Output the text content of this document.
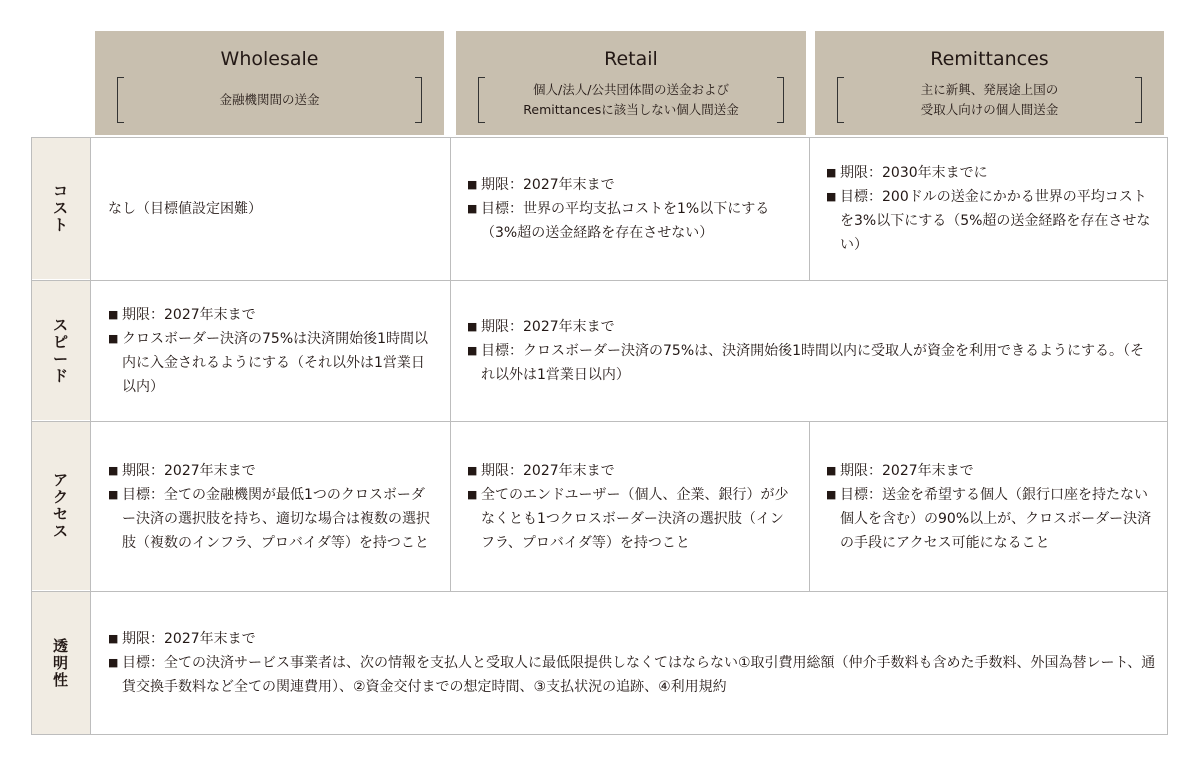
Wholesale
金融機関間の送金
Retail
個人/法人/公共団体間の送金および
Remittancesに該当しない個人間送金
Remittances
主に新興、発展途上国の
受取人向けの個人間送金
コスト
スピード
アクセス
透明性
なし（目標値設定困難）
■ 期限：2027年末まで
■ 目標：世界の平均支払コストを1%以下にする（3%超の送金経路を存在させない）
■ 期限：2030年末までに
■ 目標：200ドルの送金にかかる世界の平均コストを3%以下にする（5%超の送金経路を存在させない）
■ 期限：2027年末まで
■ クロスボーダー決済の75%は決済開始後1時間以内に入金されるようにする（それ以外は1営業日以内）
■ 期限：2027年末まで
■ 目標：クロスボーダー決済の75%は、決済開始後1時間以内に受取人が資金を利用できるようにする。（それ以外は1営業日以内）
■ 期限：2027年末まで
■ 目標：全ての金融機関が最低1つのクロスボーダー決済の選択肢を持ち、適切な場合は複数の選択肢（複数のインフラ、プロバイダ等）を持つこと
■ 期限：2027年末まで
■ 全てのエンドユーザー（個人、企業、銀行）が少なくとも1つクロスボーダー決済の選択肢（インフラ、プロバイダ等）を持つこと
■ 期限：2027年末まで
■ 目標：送金を希望する個人（銀行口座を持たない個人を含む）の90%以上が、クロスボーダー決済の手段にアクセス可能になること
■ 期限：2027年末まで
■ 目標：全ての決済サービス事業者は、次の情報を支払人と受取人に最低限提供しなくてはならない①取引費用総額（仲介手数料も含めた手数料、外国為替レート、通貨交換手数料など全ての関連費用）、②資金交付までの想定時間、③支払状況の追跡、④利用規約
